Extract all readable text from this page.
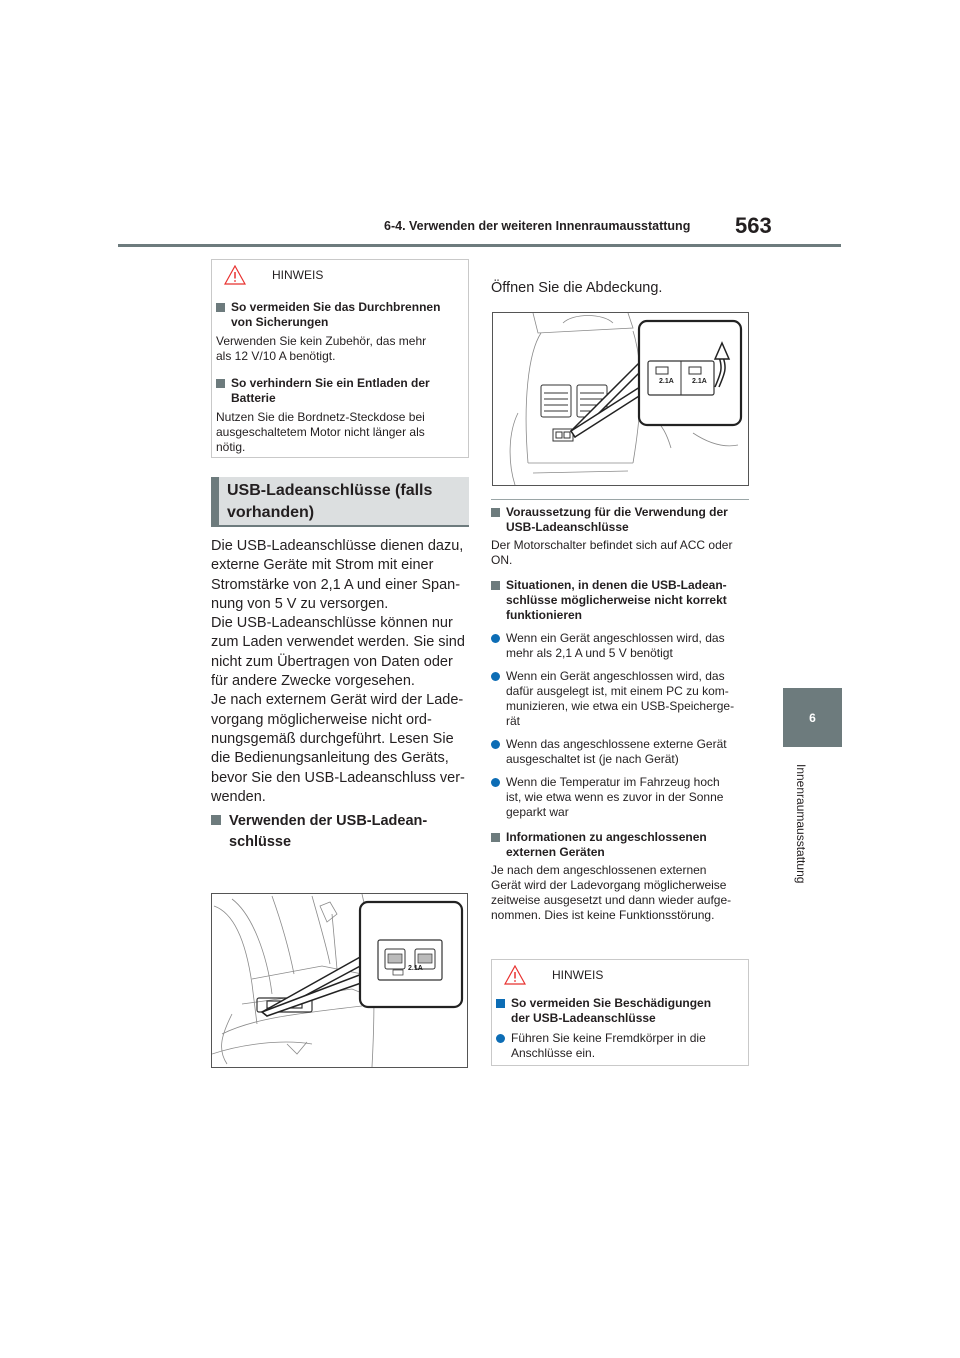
6-4. Verwenden der weiteren Innenraumausstattung 563
6
Innenraumausstattung
HINWEIS
So vermeiden Sie das Durchbrennen
von Sicherungen
Verwenden Sie kein Zubehör, das mehr
als 12 V/10 A benötigt.
So verhindern Sie ein Entladen der
Batterie
Nutzen Sie die Bordnetz-Steckdose bei
ausgeschaltetem Motor nicht länger als
nötig.
USB-Ladeanschlüsse (falls
vorhanden)
Die USB-Ladeanschlüsse dienen dazu,
externe Geräte mit Strom mit einer
Stromstärke von 2,1 A und einer Span-
nung von 5 V zu versorgen.
Die USB-Ladeanschlüsse können nur
zum Laden verwendet werden. Sie sind
nicht zum Übertragen von Daten oder
für andere Zwecke vorgesehen.
Je nach externem Gerät wird der Lade-
vorgang möglicherweise nicht ord-
nungsgemäß durchgeführt. Lesen Sie
die Bedienungsanleitung des Geräts,
bevor Sie den USB-Ladeanschluss ver-
wenden.
Verwenden der USB-Ladean-
schlüsse
2.1A
Öffnen Sie die Abdeckung.
2.1A	2.1A
Voraussetzung für die Verwendung der
USB-Ladeanschlüsse
Der Motorschalter befindet sich auf ACC oder
ON.
Situationen, in denen die USB-Ladean-
schlüsse möglicherweise nicht korrekt
funktionieren
Wenn ein Gerät angeschlossen wird, das
mehr als 2,1 A und 5 V benötigt
Wenn ein Gerät angeschlossen wird, das
dafür ausgelegt ist, mit einem PC zu kom-
munizieren, wie etwa ein USB-Speicherge-
rät
Wenn das angeschlossene externe Gerät
ausgeschaltet ist (je nach Gerät)
Wenn die Temperatur im Fahrzeug hoch
ist, wie etwa wenn es zuvor in der Sonne
geparkt war
Informationen zu angeschlossenen
externen Geräten
Je nach dem angeschlossenen externen
Gerät wird der Ladevorgang möglicherweise
zeitweise ausgesetzt und dann wieder aufge-
nommen. Dies ist keine Funktionsstörung.
HINWEIS
So vermeiden Sie Beschädigungen
der USB-Ladeanschlüsse
Führen Sie keine Fremdkörper in die
Anschlüsse ein.
